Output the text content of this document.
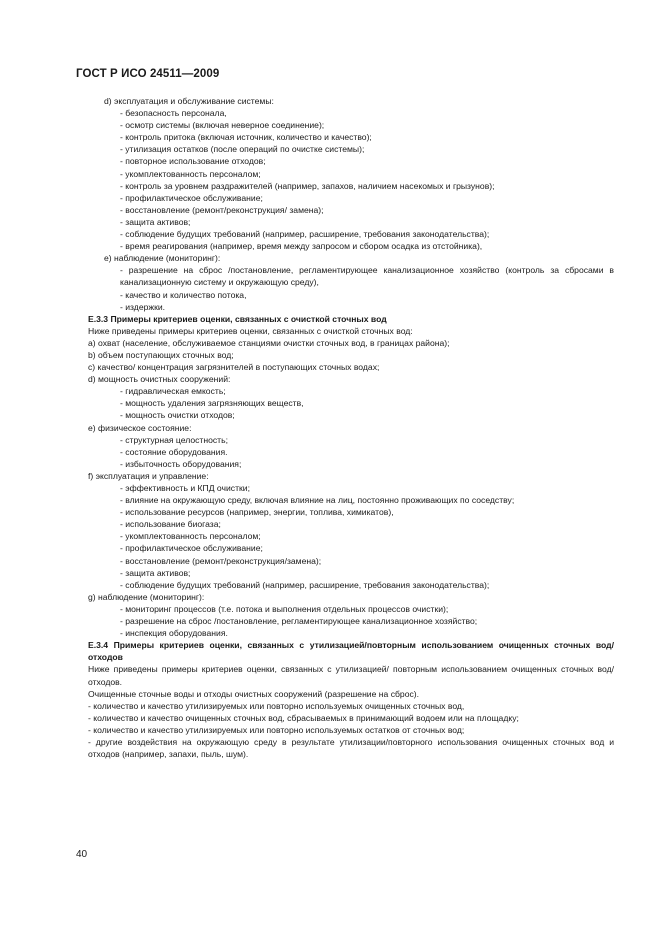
ГОСТ Р ИСО 24511—2009
d) эксплуатация и обслуживание системы:
- безопасность персонала,
- осмотр системы (включая неверное соединение);
- контроль притока (включая источник, количество и качество);
- утилизация остатков (после операций по очистке системы);
- повторное использование отходов;
- укомплектованность персоналом;
- контроль за уровнем раздражителей (например, запахов, наличием насекомых и грызунов);
- профилактическое обслуживание;
- восстановление (ремонт/реконструкция/ замена);
- защита активов;
- соблюдение будущих требований (например, расширение, требования законодательства);
- время реагирования (например, время между запросом и сбором осадка из отстойника),
e) наблюдение (мониторинг):
- разрешение на сброс /постановление, регламентирующее канализационное хозяйство (контроль за сбросами в канализационную систему и окружающую среду),
- качество и количество потока,
- издержки.
Е.3.3 Примеры критериев оценки, связанных с очисткой сточных вод
Ниже приведены примеры критериев оценки, связанных с очисткой сточных вод:
a) охват (население, обслуживаемое станциями очистки сточных вод, в границах района);
b) объем поступающих сточных вод;
c) качество/ концентрация загрязнителей в поступающих сточных водах;
d) мощность очистных сооружений:
- гидравлическая емкость;
- мощность удаления загрязняющих веществ,
- мощность очистки отходов;
e) физическое состояние:
- структурная целостность;
- состояние оборудования.
- избыточность оборудования;
f) эксплуатация и управление:
- эффективность и КПД очистки;
- влияние на окружающую среду, включая влияние на лиц, постоянно проживающих по соседству;
- использование ресурсов (например, энергии, топлива, химикатов),
- использование биогаза;
- укомплектованность персоналом;
- профилактическое обслуживание;
- восстановление (ремонт/реконструкция/замена);
- защита активов;
- соблюдение будущих требований (например, расширение, требования законодательства);
g) наблюдение (мониторинг):
- мониторинг процессов (т.е. потока и выполнения отдельных процессов очистки);
- разрешение на сброс /постановление, регламентирующее канализационное хозяйство;
- инспекция оборудования.
Е.3.4 Примеры критериев оценки, связанных с утилизацией/повторным использованием очищенных сточных вод/отходов
Ниже приведены примеры критериев оценки, связанных с утилизацией/ повторным использованием очищенных сточных вод/ отходов.
Очищенные сточные воды и отходы очистных сооружений (разрешение на сброс).
- количество и качество утилизируемых или повторно используемых очищенных сточных вод,
- количество и качество очищенных сточных вод, сбрасываемых в принимающий водоем или на площадку;
- количество и качество утилизируемых или повторно используемых остатков от сточных вод;
- другие воздействия на окружающую среду в результате утилизации/повторного использования очищенных сточных вод и отходов (например, запахи, пыль, шум).
40
